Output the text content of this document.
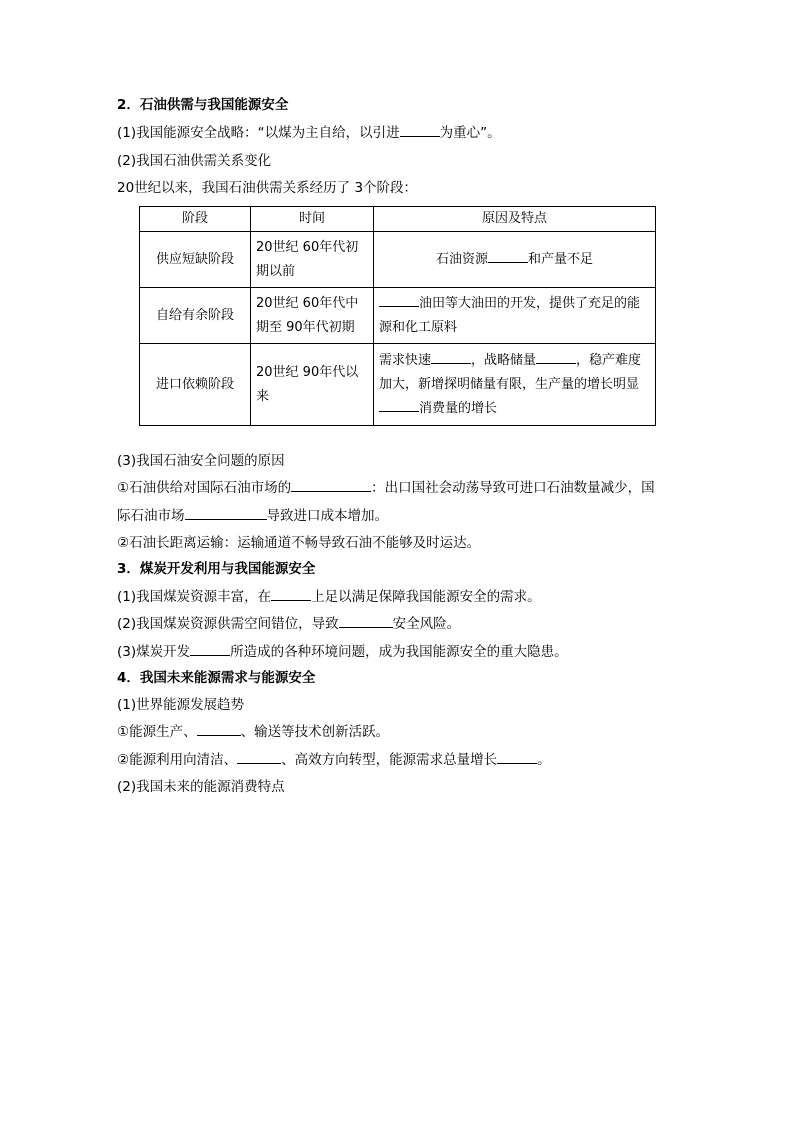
2．石油供需与我国能源安全
(1)我国能源安全战略：“以煤为主自给，以引进	为重心”。
(2)我国石油供需关系变化
20世纪以来，我国石油供需关系经历了 3个阶段：
阶段	时间	原因及特点
供应短缺阶段	20世纪 60年代初期以前	石油资源 和产量不足
自给有余阶段	20世纪 60年代中期至 90年代初期	油田等大油田的开发，提供了充足的能源和化工原料
进口依赖阶段	20世纪 90年代以来	需求快速 ，战略储量 ，稳产难度加大，新增探明储量有限，生产量的增长明显消费量的增长
(3)我国石油安全问题的原因
①石油供给对国际石油市场的	：出口国社会动荡导致可进口石油数量减少，国
际石油市场	导致进口成本增加。
②石油长距离运输：运输通道不畅导致石油不能够及时运达。
3．煤炭开发利用与我国能源安全
(1)我国煤炭资源丰富，在	上足以满足保障我国能源安全的需求。
(2)我国煤炭资源供需空间错位，导致	安全风险。
(3)煤炭开发	所造成的各种环境问题，成为我国能源安全的重大隐患。
4．我国未来能源需求与能源安全
(1)世界能源发展趋势
①能源生产、	、输送等技术创新活跃。
②能源利用向清洁、	、高效方向转型，能源需求总量增长	。
(2)我国未来的能源消费特点
